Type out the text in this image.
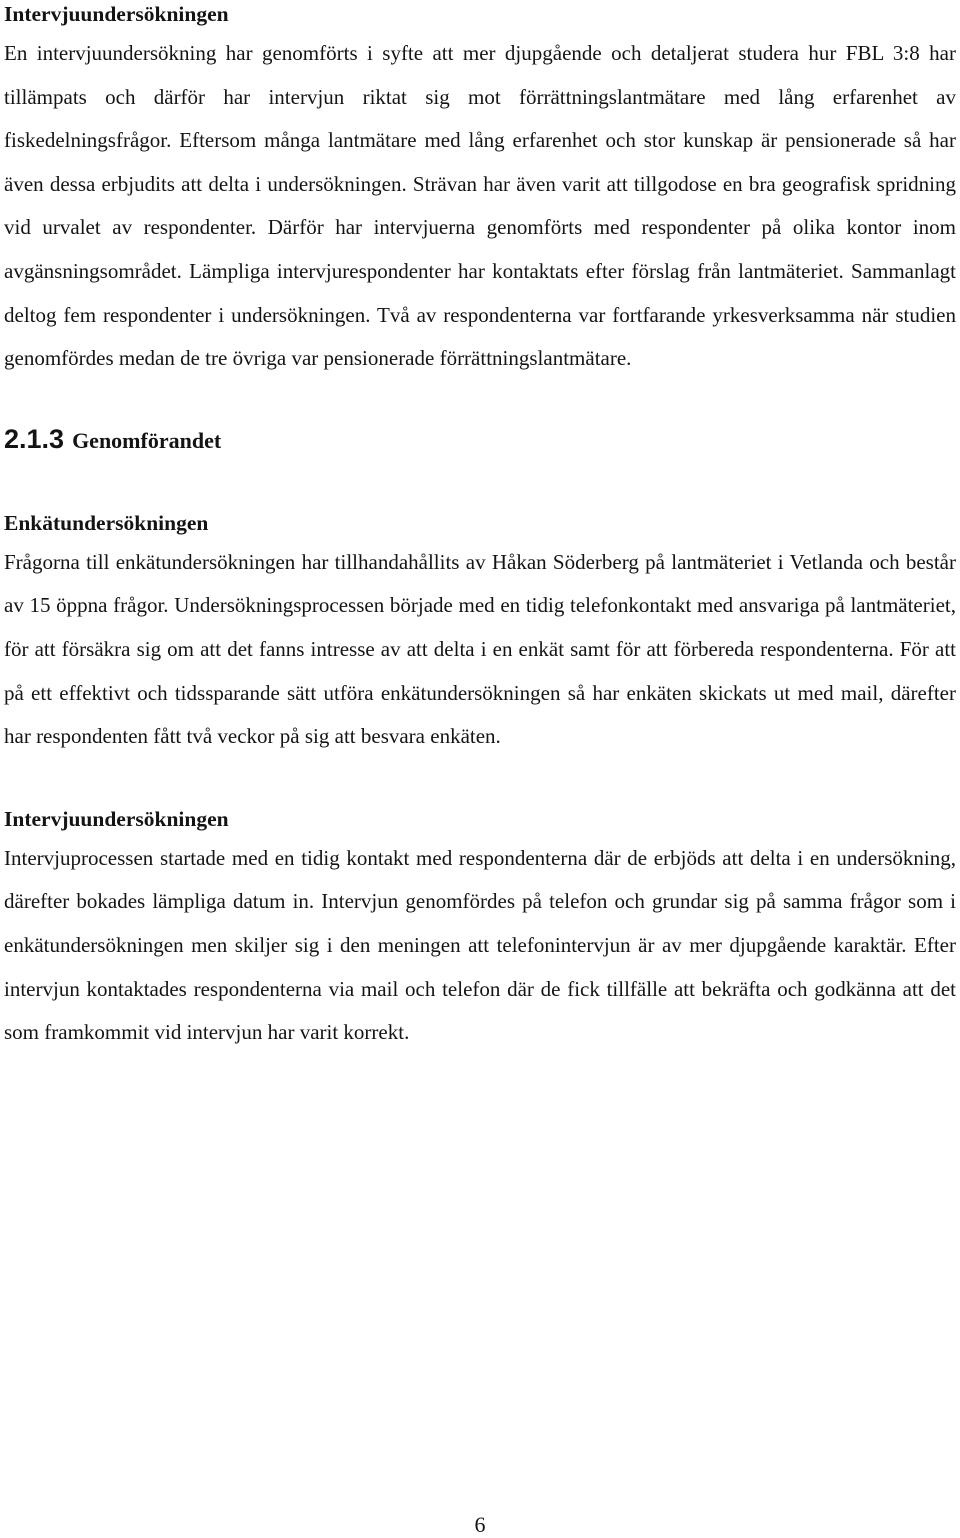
Intervjuundersökningen

En intervjuundersökning har genomförts i syfte att mer djupgående och detaljerat studera hur FBL 3:8 har tillämpats och därför har intervjun riktat sig mot förrättningslantmätare med lång erfarenhet av fiskedelningsfrågor. Eftersom många lantmätare med lång erfarenhet och stor kunskap är pensionerade så har även dessa erbjudits att delta i undersökningen. Strävan har även varit att tillgodose en bra geografisk spridning vid urvalet av respondenter. Därför har intervjuerna genomförts med respondenter på olika kontor inom avgänsningsområdet. Lämpliga intervjurespondenter har kontaktats efter förslag från lantmäteriet. Sammanlagt deltog fem respondenter i undersökningen. Två av respondenterna var fortfarande yrkesverksamma när studien genomfördes medan de tre övriga var pensionerade förrättningslantmätare.

2.1.3 Genomförandet
Enkätundersökningen

Frågorna till enkätundersökningen har tillhandahållits av Håkan Söderberg på lantmäteriet i Vetlanda och består av 15 öppna frågor. Undersökningsprocessen började med en tidig telefonkontakt med ansvariga på lantmäteriet, för att försäkra sig om att det fanns intresse av att delta i en enkät samt för att förbereda respondenterna. För att på ett effektivt och tidssparande sätt utföra enkätundersökningen så har enkäten skickats ut med mail, därefter har respondenten fått två veckor på sig att besvara enkäten.

Intervjuundersökningen

Intervjuprocessen startade med en tidig kontakt med respondenterna där de erbjöds att delta i en undersökning, därefter bokades lämpliga datum in. Intervjun genomfördes på telefon och grundar sig på samma frågor som i enkätundersökningen men skiljer sig i den meningen att telefonintervjun är av mer djupgående karaktär. Efter intervjun kontaktades respondenterna via mail och telefon där de fick tillfälle att bekräfta och godkänna att det som framkommit vid intervjun har varit korrekt.

6
